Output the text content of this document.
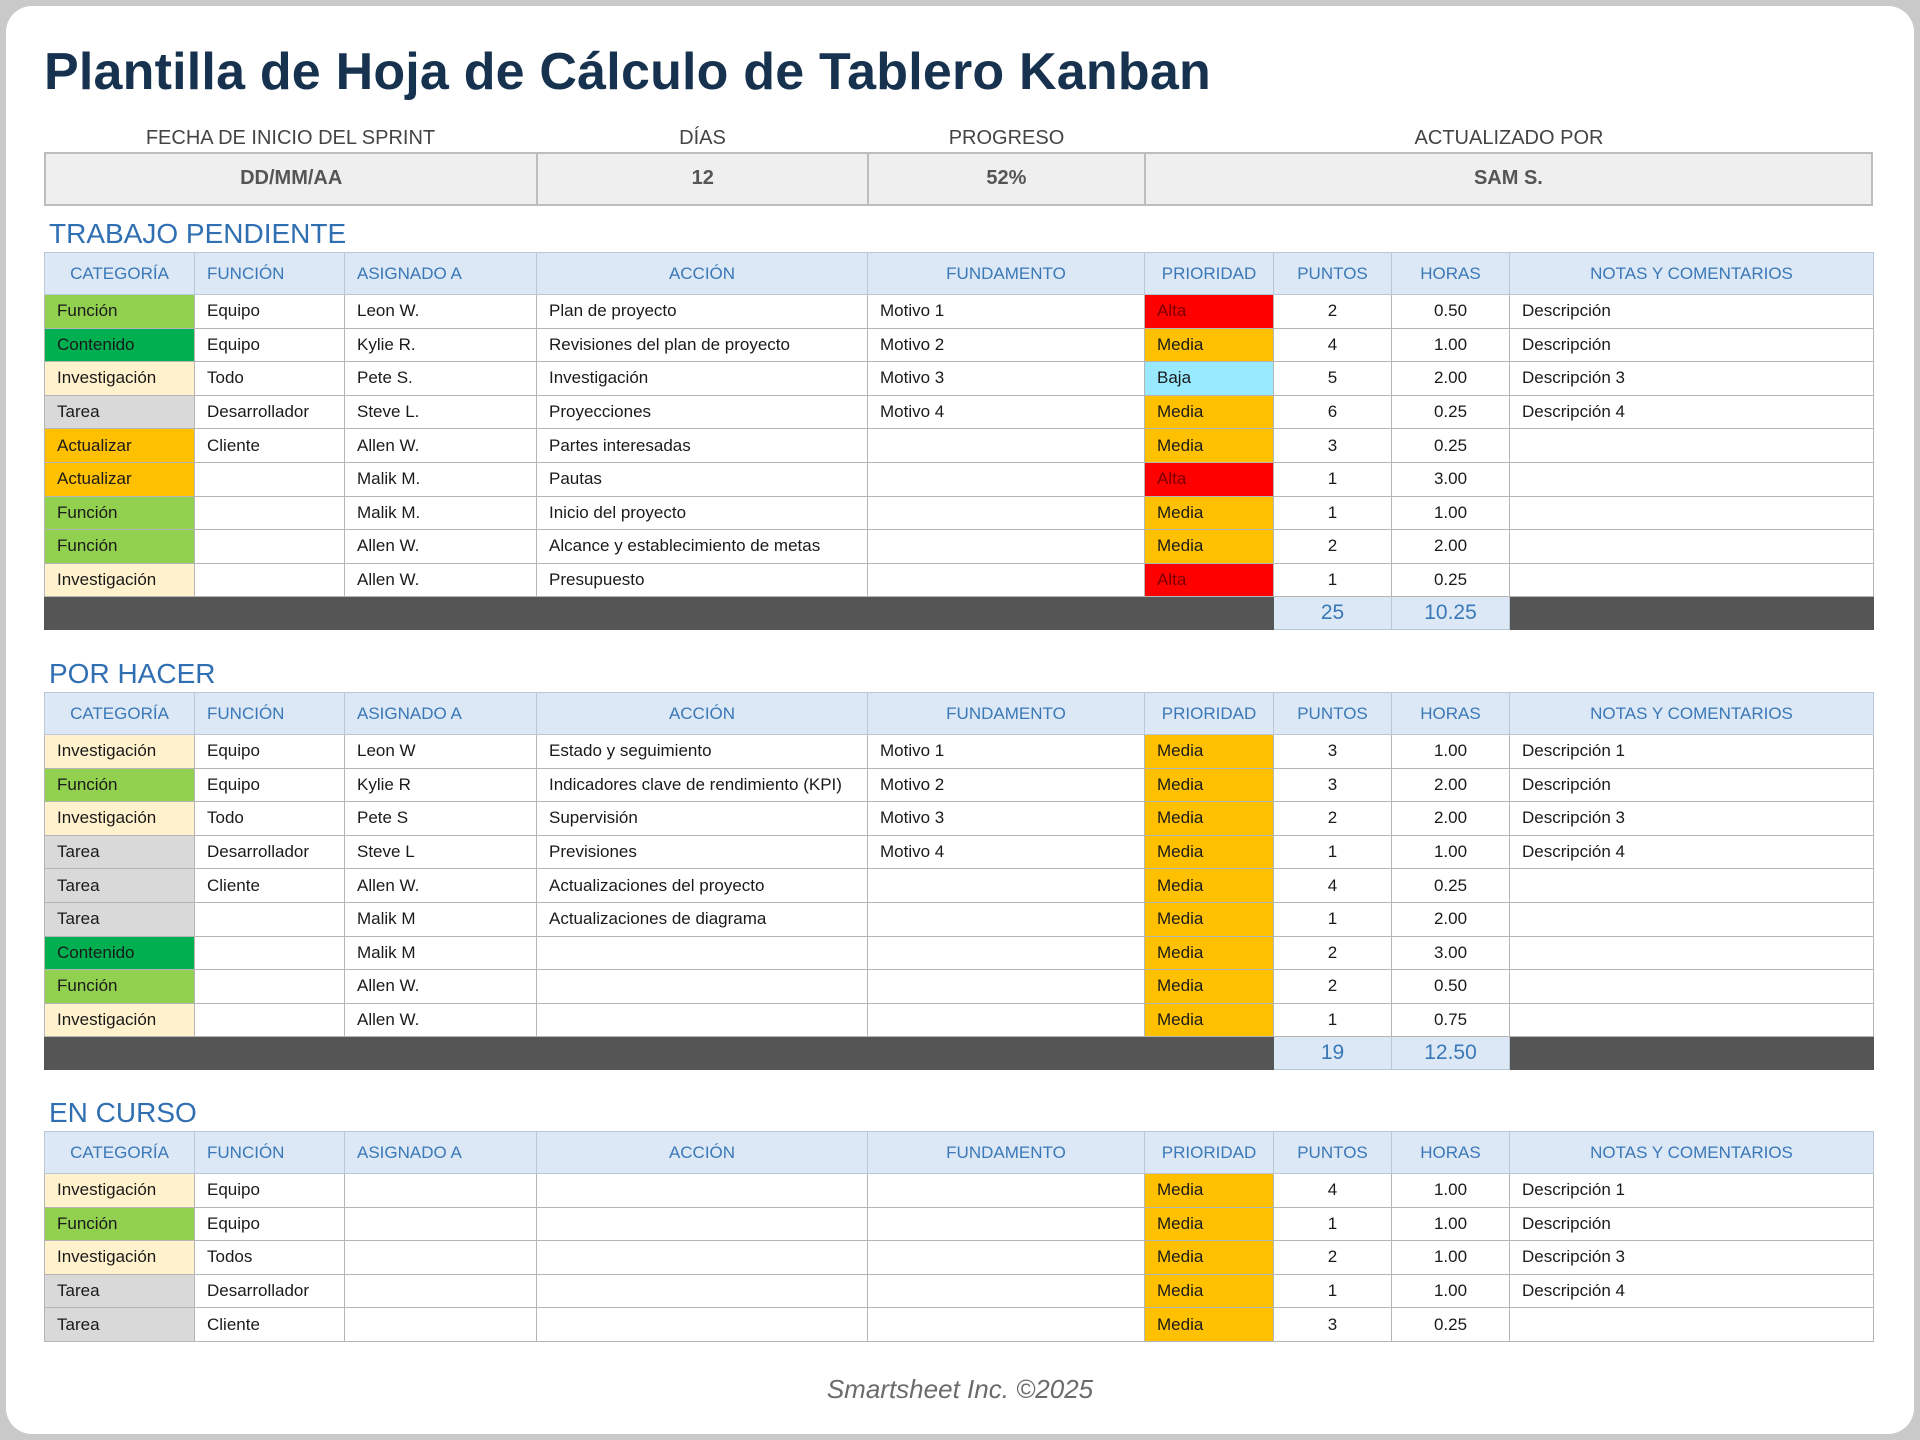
Plantilla de Hoja de Cálculo de Tablero Kanban
FECHA DE INICIO DEL SPRINT	DÍAS	PROGRESO	ACTUALIZADO POR
DD/MM/AA	12	52%	SAM S.
TRABAJO PENDIENTE
CATEGORÍA	FUNCIÓN	ASIGNADO A	ACCIÓN	FUNDAMENTO	PRIORIDAD	PUNTOS	HORAS	NOTAS Y COMENTARIOS
Función	Equipo	Leon W.	Plan de proyecto	Motivo 1	Alta	2	0.50	Descripción
Contenido	Equipo	Kylie R.	Revisiones del plan de proyecto	Motivo 2	Media	4	1.00	Descripción
Investigación	Todo	Pete S.	Investigación	Motivo 3	Baja	5	2.00	Descripción 3
Tarea	Desarrollador	Steve L.	Proyecciones	Motivo 4	Media	6	0.25	Descripción 4
Actualizar	Cliente	Allen W.	Partes interesadas		Media	3	0.25	
Actualizar		Malik M.	Pautas		Alta	1	3.00	
Función		Malik M.	Inicio del proyecto		Media	1	1.00	
Función		Allen W.	Alcance y establecimiento de metas		Media	2	2.00	
Investigación		Allen W.	Presupuesto		Alta	1	0.25	
						25	10.25	
POR HACER
CATEGORÍA	FUNCIÓN	ASIGNADO A	ACCIÓN	FUNDAMENTO	PRIORIDAD	PUNTOS	HORAS	NOTAS Y COMENTARIOS
Investigación	Equipo	Leon W	Estado y seguimiento	Motivo 1	Media	3	1.00	Descripción 1
Función	Equipo	Kylie R	Indicadores clave de rendimiento (KPI)	Motivo 2	Media	3	2.00	Descripción
Investigación	Todo	Pete S	Supervisión	Motivo 3	Media	2	2.00	Descripción 3
Tarea	Desarrollador	Steve L	Previsiones	Motivo 4	Media	1	1.00	Descripción 4
Tarea	Cliente	Allen W.	Actualizaciones del proyecto		Media	4	0.25	
Tarea		Malik M	Actualizaciones de diagrama		Media	1	2.00	
Contenido		Malik M			Media	2	3.00	
Función		Allen W.			Media	2	0.50	
Investigación		Allen W.			Media	1	0.75	
						19	12.50	
EN CURSO
CATEGORÍA	FUNCIÓN	ASIGNADO A	ACCIÓN	FUNDAMENTO	PRIORIDAD	PUNTOS	HORAS	NOTAS Y COMENTARIOS
Investigación	Equipo				Media	4	1.00	Descripción 1
Función	Equipo				Media	1	1.00	Descripción
Investigación	Todos				Media	2	1.00	Descripción 3
Tarea	Desarrollador				Media	1	1.00	Descripción 4
Tarea	Cliente				Media	3	0.25	
Smartsheet Inc. ©2025
